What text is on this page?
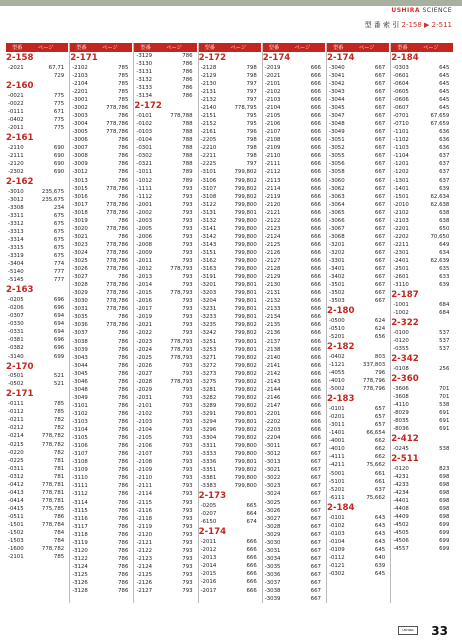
USHIRA SCIENCE
型 番 索 引 2-158 ▶ 2-511
型番	ページ	型番	ページ	型番	ページ	型番	ページ	型番	ページ	型番	ページ	型番	ページ
2-158
-2021	67,71
729
2-160
-0021	775
-0022	775
-0111	671
-0402	775
-2011	775
2-161
-2110	690
-2111	690
-2120	690
-2302	690
2-162
-3010	235,675
-3012	235,675
-3308	234
-3311	675
-3312	675
-3313	675
-3314	675
-3315	675
-3319	675
-3404	774
-5140	777
-5145	777
2-163
-0205	696
-0206	696
-0307	694
-0330	694
-0331	694
-0381	696
-0382	696
-3140	699
2-170
-0501	521
-0502	521
2-171
-0111	785
-0112	785
-0211	782
-0212	782
-0214	778,782
-0215	778,782
-0220	782
-0225	781
-0311	781
-0312	781
-0412	778,781
-0413	778,781
-0414	778,781
-0415	775,785
-0511	786
-1501	778,784
-1502	784
-1503	784
-1600	778,782
-2101	785
2-171
-2102	785
-2103	785
-2104	785
-2201	785
-3001	785
-3002	778,786
-3003	786
-3004	778,786
-3005	778,786
-3006	786
-3007	786
-3008	786
-3009	786
-3012	786
-3013	786
-3015	778,786
-3016	786
-3017	778,786
-3018	778,786
-3019	786
-3020	778,786
-3021	786
-3023	778,786
-3024	778,786
-3025	778,786
-3026	778,786
-3027	786
-3028	778,786
-3029	778,786
-3030	778,786
-3031	778,786
-3035	786
-3036	778,786
-3037	786
-3038	786
-3039	786
-3043	786
-3044	786
-3045	786
-3046	786
-3048	786
-3049	786
-3101	786
-3102	786
-3103	786
-3104	786
-3105	786
-3106	786
-3107	786
-3108	786
-3109	786
-3110	786
-3111	786
-3112	786
-3114	786
-3115	786
-3116	786
-3117	786
-3118	786
-3119	786
-3120	786
-3122	786
-3124	786
-3125	786
-3126	786
-3128	786
-3129	786
-3130	786
-3131	786
-3132	786
-3133	786
-3134	786
2-172
-0101	778,788
-0102	788
-0103	788
-0104	788
-0301	788
-0302	788
-0321	788
-1011	789
-1012	789
-1111	793
-1112	793
-2001	793
-2002	793
-2003	793
-2005	793
-2006	793
-2008	793
-2009	793
-2011	793
-2012	778,793
-2013	793
-2014	793
-2015	778,793
-2016	793
-2017	793
-2019	793
-2021	793
-2022	793
-2023	778,793
-2024	778,793
-2025	778,793
-2026	793
-2027	793
-2028	778,793
-2029	793
-2031	793
-2101	793
-2102	793
-2103	793
-2104	793
-2105	793
-2106	793
-2107	793
-2108	793
-2109	793
-2110	793
-2111	793
-2114	793
-2115	793
-2116	793
-2118	793
-2119	793
-2120	793
-2121	793
-2122	793
-2123	793
-2124	793
-2125	793
-2126	793
-2127	793
2-172
-2128	798
-2129	798
-2130	797
-2131	797
-2132	797
-2140	778,795
-2151	795
-2152	795
-2161	796
-2205	798
-2210	798
-2211	798
-2225	797
-3101	799,802
-3106	799,802
-3107	799,802
-3108	799,802
-3122	799,800
-3131	799,801
-3132	799,800
-3141	799,800
-3142	799,800
-3143	799,800
-3151	799,800
-3162	799,800
-3163	799,800
-3191	799,800
-3201	799,801
-3203	799,801
-3204	799,801
-3231	799,801
-3233	799,801
-3235	799,802
-3242	799,802
-3251	799,801
-3253	799,801
-3271	799,802
-3272	799,802
-3273	799,802
-3275	799,802
-3281	799,802
-3282	799,802
-3289	799,802
-3291	799,801
-3294	799,801
-3296	799,802
-3304	799,802
-3311	799,800
-3333	799,800
-3336	799,801
-3351	799,802
-3381	799,800
-3383	799,800
2-173
-0205	665
-0207	664
-6150	674
2-174
-2011	666
-2012	666
-2013	666
-2014	666
-2015	666
-2016	666
-2017	666
2-174
-2019	666
-2021	666
-2101	666
-2102	666
-2103	666
-2104	666
-2105	666
-2106	666
-2107	666
-2108	666
-2109	666
-2110	666
-2111	666
-2112	666
-2113	666
-2114	666
-2119	666
-2120	666
-2121	666
-2122	666
-2123	666
-2124	666
-2125	666
-2126	666
-2127	666
-2128	666
-2129	666
-2130	666
-2131	666
-2132	666
-2133	666
-2134	666
-2135	666
-2136	666
-2137	666
-2138	666
-2140	666
-2141	666
-2142	666
-2143	666
-2144	666
-2146	666
-2147	666
-2201	666
-2202	666
-2203	666
-2204	666
-3011	667
-3012	667
-3013	667
-3021	667
-3022	667
-3023	667
-3024	667
-3025	667
-3026	667
-3027	667
-3028	667
-3029	667
-3030	667
-3031	667
-3034	667
-3035	667
-3036	667
-3037	667
-3038	667
-3039	667
2-174
-3040	667
-3041	667
-3042	667
-3043	667
-3044	667
-3045	667
-3047	667
-3048	667
-3049	667
-3051	667
-3052	667
-3055	667
-3056	667
-3058	667
-3060	667
-3062	667
-3063	667
-3064	667
-3065	667
-3066	667
-3067	667
-3068	667
-3201	667
-3202	667
-3301	667
-3401	667
-3402	667
-3501	667
-3502	667
-3503	667
2-180
-0500	624
-0510	624
-5201	656
2-182
-0402	803
-1121	337,803
-4055	796
-4010	778,796
-5002	778,796
2-183
-0101	657
-0201	657
-3011	657
-1401	66,654
-4001	662
-4010	662
-4111	662
-4211	75,662
-5001	661
-5101	661
-5201	637
-6111	75,662
2-184
-0101	643
-0102	643
-0103	643
-0104	643
-0109	645
-0112	640
-0121	639
-0302	645
2-184
-0303	645
-0601	645
-0604	645
-0605	645
-0606	645
-0607	645
-0701	67,659
-0710	67,659
-1101	636
-1102	636
-1103	636
-1104	637
-1201	637
-1202	637
-1301	637
-1401	639
-1501	62,634
-2010	62,638
-2102	638
-2103	638
-2201	650
-2202	70,650
-2211	649
-2301	634
-2401	62,639
-2501	635
-2601	633
-3110	639
2-187
-1001	684
-1002	684
2-322
-0100	537
-0120	537
-0355	537
2-342
-0108	256
2-360
-3606	701
-3608	701
-4110	538
-8029	691
-8035	691
-8036	691
2-412
-0245	538
2-511
-0120	823
-4231	698
-4233	698
-4234	698
-4401	698
-4408	698
-4409	698
-4502	699
-4505	699
-4506	699
-4557	699
USHIRA	33
